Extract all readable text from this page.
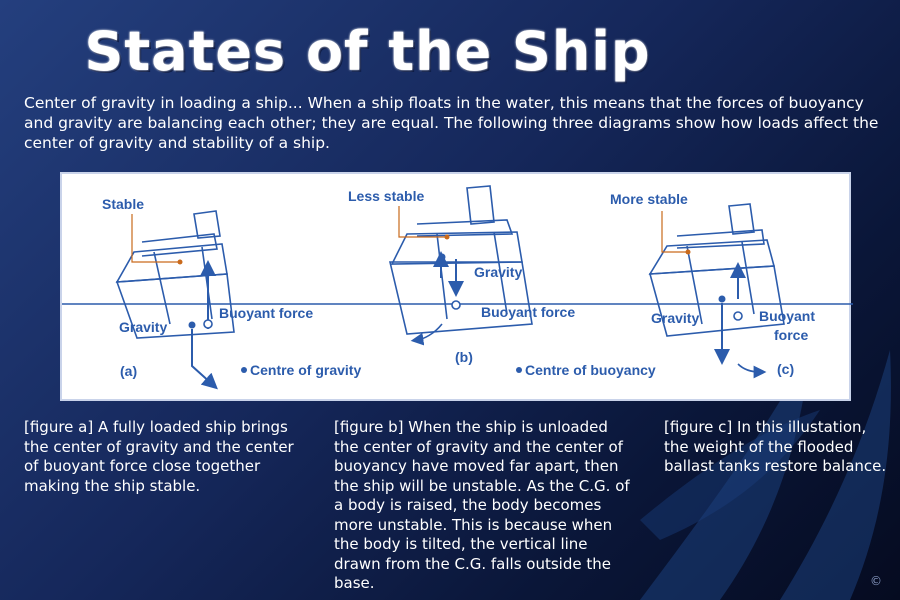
States of the Ship
Center of gravity in loading a ship... When a ship floats in the water, this means that the forces of buoyancy and gravity are balancing each other; they are equal. The following three diagrams show how loads affect the center of gravity and stability of a ship.
Stable
Gravity
Buoyant force
(a)
Less stable
Gravity
Buoyant force
(b)
More stable
Gravity	Buoyant
force
(c)
Centre of gravity	Centre of buoyancy
[figure a] A fully loaded ship brings the center of gravity and the center of buoyant force close together making the ship stable.
[figure b] When the ship is unloaded the center of gravity and the center of buoyancy have moved far apart, then the ship will be unstable. As the C.G. of a body is raised, the body becomes more unstable. This is because when the body is tilted, the vertical line drawn from the C.G. falls outside the base.
[figure c] In this illustation, the weight of the flooded ballast tanks restore balance.
©
